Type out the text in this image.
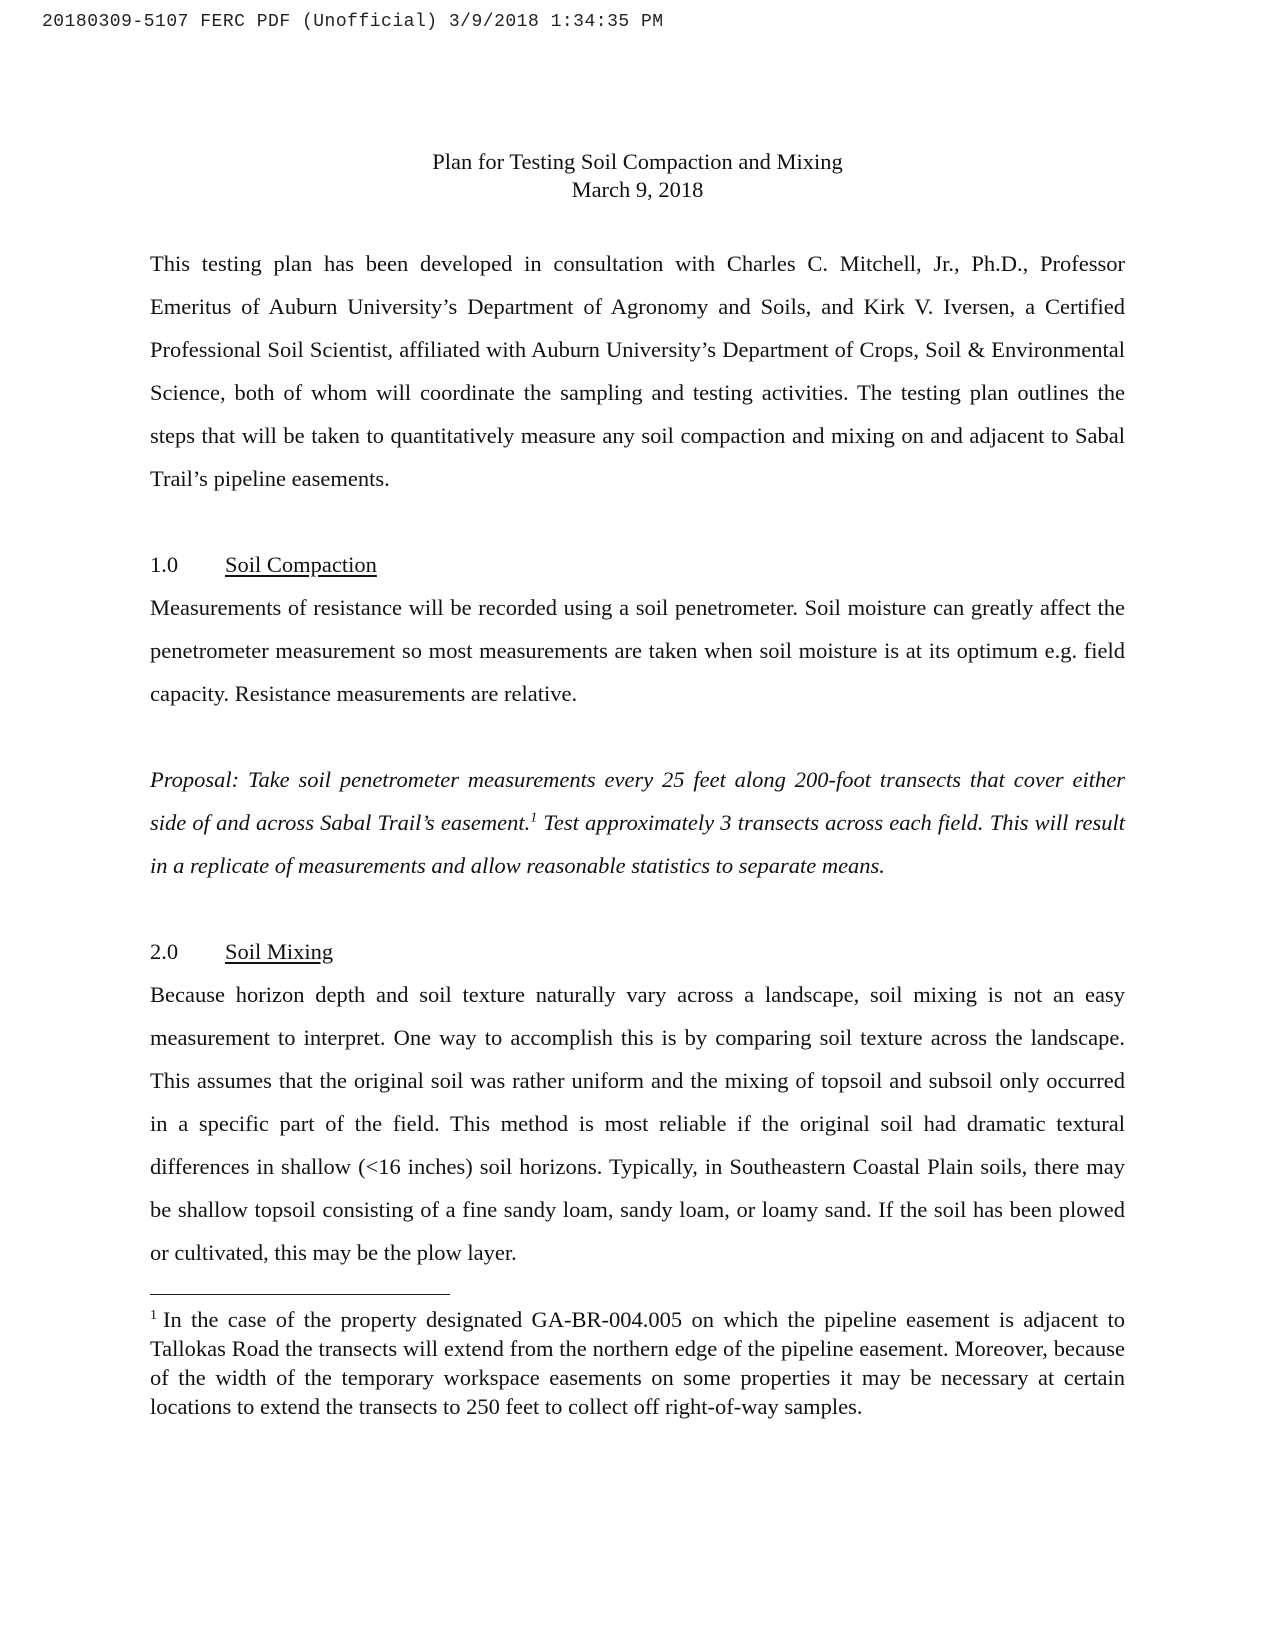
20180309-5107 FERC PDF (Unofficial) 3/9/2018 1:34:35 PM
Plan for Testing Soil Compaction and Mixing
March 9, 2018

This testing plan has been developed in consultation with Charles C. Mitchell, Jr., Ph.D., Professor Emeritus of Auburn University’s Department of Agronomy and Soils, and Kirk V. Iversen, a Certified Professional Soil Scientist, affiliated with Auburn University’s Department of Crops, Soil & Environmental Science, both of whom will coordinate the sampling and testing activities. The testing plan outlines the steps that will be taken to quantitatively measure any soil compaction and mixing on and adjacent to Sabal Trail’s pipeline easements.

1.0 Soil Compaction

Measurements of resistance will be recorded using a soil penetrometer. Soil moisture can greatly affect the penetrometer measurement so most measurements are taken when soil moisture is at its optimum e.g. field capacity. Resistance measurements are relative.

Proposal: Take soil penetrometer measurements every 25 feet along 200-foot transects that cover either side of and across Sabal Trail’s easement.$^1$ Test approximately 3 transects across each field. This will result in a replicate of measurements and allow reasonable statistics to separate means.

2.0 Soil Mixing

Because horizon depth and soil texture naturally vary across a landscape, soil mixing is not an easy measurement to interpret. One way to accomplish this is by comparing soil texture across the landscape. This assumes that the original soil was rather uniform and the mixing of topsoil and subsoil only occurred in a specific part of the field. This method is most reliable if the original soil had dramatic textural differences in shallow (<16 inches) soil horizons. Typically, in Southeastern Coastal Plain soils, there may be shallow topsoil consisting of a fine sandy loam, sandy loam, or loamy sand. If the soil has been plowed or cultivated, this may be the plow layer.

$^1$ In the case of the property designated GA-BR-004.005 on which the pipeline easement is adjacent to Tallokas Road the transects will extend from the northern edge of the pipeline easement. Moreover, because of the width of the temporary workspace easements on some properties it may be necessary at certain locations to extend the transects to 250 feet to collect off right-of-way samples.
